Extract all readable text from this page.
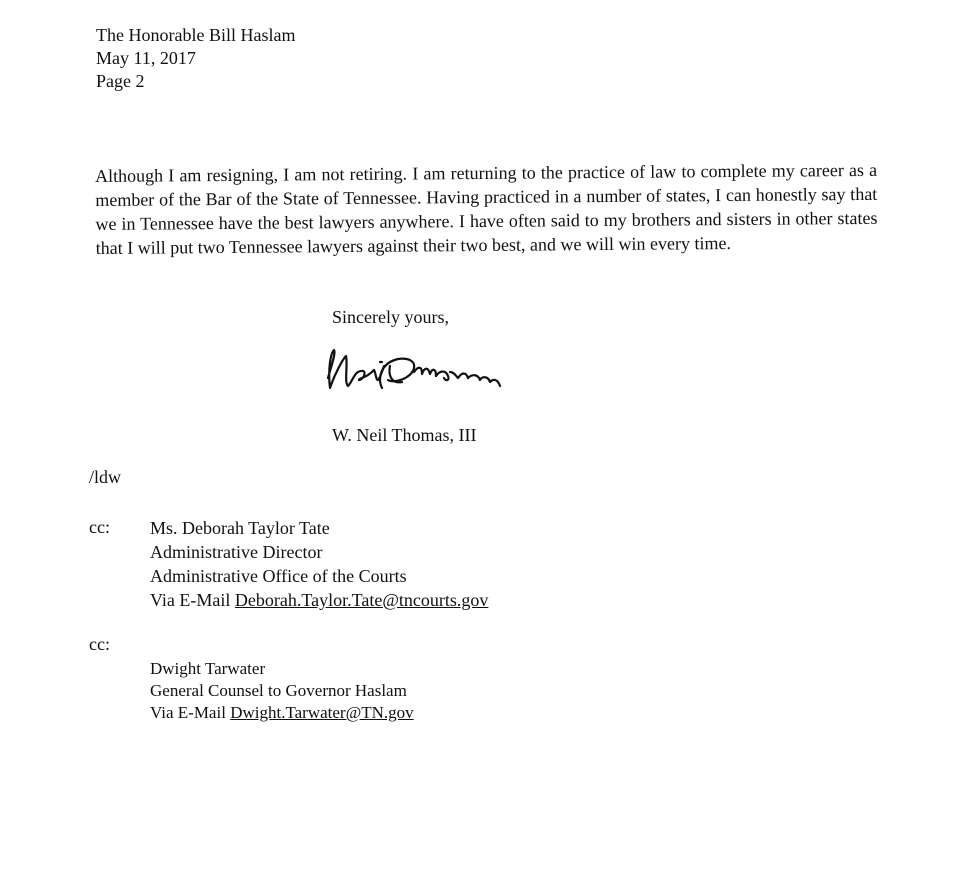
The Honorable Bill Haslam
May 11, 2017
Page 2
Although I am resigning, I am not retiring. I am returning to the practice of law to complete my career as a member of the Bar of the State of Tennessee. Having practiced in a number of states, I can honestly say that we in Tennessee have the best lawyers anywhere. I have often said to my brothers and sisters in other states that I will put two Tennessee lawyers against their two best, and we will win every time.
Sincerely yours,
W. Neil Thomas, III
/ldw
cc: Ms. Deborah Taylor Tate
Administrative Director
Administrative Office of the Courts
Via E-Mail Deborah.Taylor.Tate@tncourts.gov
cc:
Dwight Tarwater
General Counsel to Governor Haslam
Via E-Mail Dwight.Tarwater@TN.gov
